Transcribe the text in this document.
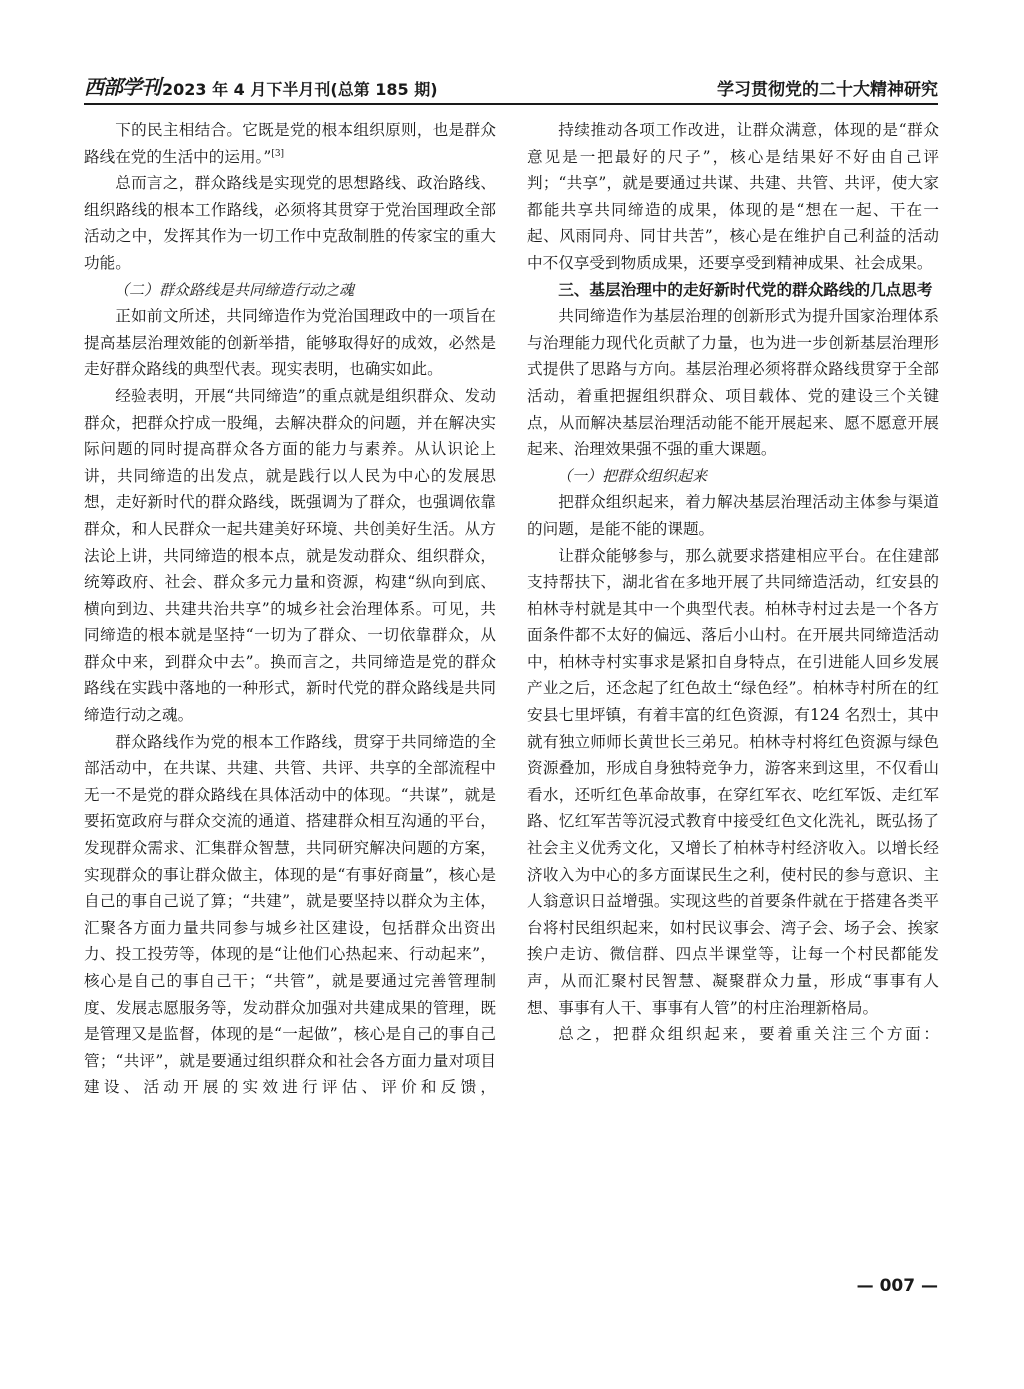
西部学刊 2023 年 4 月下半月刊(总第 185 期)	学习贯彻党的二十大精神研究

下的民主相结合。它既是党的根本组织原则，也是群众路线在党的生活中的运用。”[3]

总而言之，群众路线是实现党的思想路线、政治路线、组织路线的根本工作路线，必须将其贯穿于党治国理政全部活动之中，发挥其作为一切工作中克敌制胜的传家宝的重大功能。

（二）群众路线是共同缔造行动之魂

正如前文所述，共同缔造作为党治国理政中的一项旨在提高基层治理效能的创新举措，能够取得好的成效，必然是走好群众路线的典型代表。现实表明，也确实如此。

经验表明，开展“共同缔造”的重点就是组织群众、发动群众，把群众拧成一股绳，去解决群众的问题，并在解决实际问题的同时提高群众各方面的能力与素养。从认识论上讲，共同缔造的出发点，就是践行以人民为中心的发展思想，走好新时代的群众路线，既强调为了群众，也强调依靠群众，和人民群众一起共建美好环境、共创美好生活。从方法论上讲，共同缔造的根本点，就是发动群众、组织群众，统筹政府、社会、群众多元力量和资源，构建“纵向到底、横向到边、共建共治共享”的城乡社会治理体系。可见，共同缔造的根本就是坚持“一切为了群众、一切依靠群众，从群众中来，到群众中去”。换而言之，共同缔造是党的群众路线在实践中落地的一种形式，新时代党的群众路线是共同缔造行动之魂。

群众路线作为党的根本工作路线，贯穿于共同缔造的全部活动中，在共谋、共建、共管、共评、共享的全部流程中无一不是党的群众路线在具体活动中的体现。“共谋”，就是要拓宽政府与群众交流的通道、搭建群众相互沟通的平台，发现群众需求、汇集群众智慧，共同研究解决问题的方案，实现群众的事让群众做主，体现的是“有事好商量”，核心是自己的事自己说了算；“共建”，就是要坚持以群众为主体，汇聚各方面力量共同参与城乡社区建设，包括群众出资出力、投工投劳等，体现的是“让他们心热起来、行动起来”，核心是自己的事自己干；“共管”，就是要通过完善管理制度、发展志愿服务等，发动群众加强对共建成果的管理，既是管理又是监督，体现的是“一起做”，核心是自己的事自己管；“共评”，就是要通过组织群众和社会各方面力量对项目建设、活动开展的实效进行评估、评价和反馈，

持续推动各项工作改进，让群众满意，体现的是“群众意见是一把最好的尺子”，核心是结果好不好由自己评判；“共享”，就是要通过共谋、共建、共管、共评，使大家都能共享共同缔造的成果，体现的是“想在一起、干在一起、风雨同舟、同甘共苦”，核心是在维护自己利益的活动中不仅享受到物质成果，还要享受到精神成果、社会成果。

三、基层治理中的走好新时代党的群众路线的几点思考

共同缔造作为基层治理的创新形式为提升国家治理体系与治理能力现代化贡献了力量，也为进一步创新基层治理形式提供了思路与方向。基层治理必须将群众路线贯穿于全部活动，着重把握组织群众、项目载体、党的建设三个关键点，从而解决基层治理活动能不能开展起来、愿不愿意开展起来、治理效果强不强的重大课题。

（一）把群众组织起来

把群众组织起来，着力解决基层治理活动主体参与渠道的问题，是能不能的课题。

让群众能够参与，那么就要求搭建相应平台。在住建部支持帮扶下，湖北省在多地开展了共同缔造活动，红安县的柏林寺村就是其中一个典型代表。柏林寺村过去是一个各方面条件都不太好的偏远、落后小山村。在开展共同缔造活动中，柏林寺村实事求是紧扣自身特点，在引进能人回乡发展产业之后，还念起了红色故土“绿色经”。柏林寺村所在的红安县七里坪镇，有着丰富的红色资源，有124 名烈士，其中就有独立师师长黄世长三弟兄。柏林寺村将红色资源与绿色资源叠加，形成自身独特竞争力，游客来到这里，不仅看山看水，还听红色革命故事，在穿红军衣、吃红军饭、走红军路、忆红军苦等沉浸式教育中接受红色文化洗礼，既弘扬了社会主义优秀文化，又增长了柏林寺村经济收入。以增长经济收入为中心的多方面谋民生之利，使村民的参与意识、主人翁意识日益增强。实现这些的首要条件就在于搭建各类平台将村民组织起来，如村民议事会、湾子会、场子会、挨家挨户走访、微信群、四点半课堂等，让每一个村民都能发声，从而汇聚村民智慧、凝聚群众力量，形成“事事有人想、事事有人干、事事有人管”的村庄治理新格局。

总之，把群众组织起来，要着重关注三个方面：

— 007 —
